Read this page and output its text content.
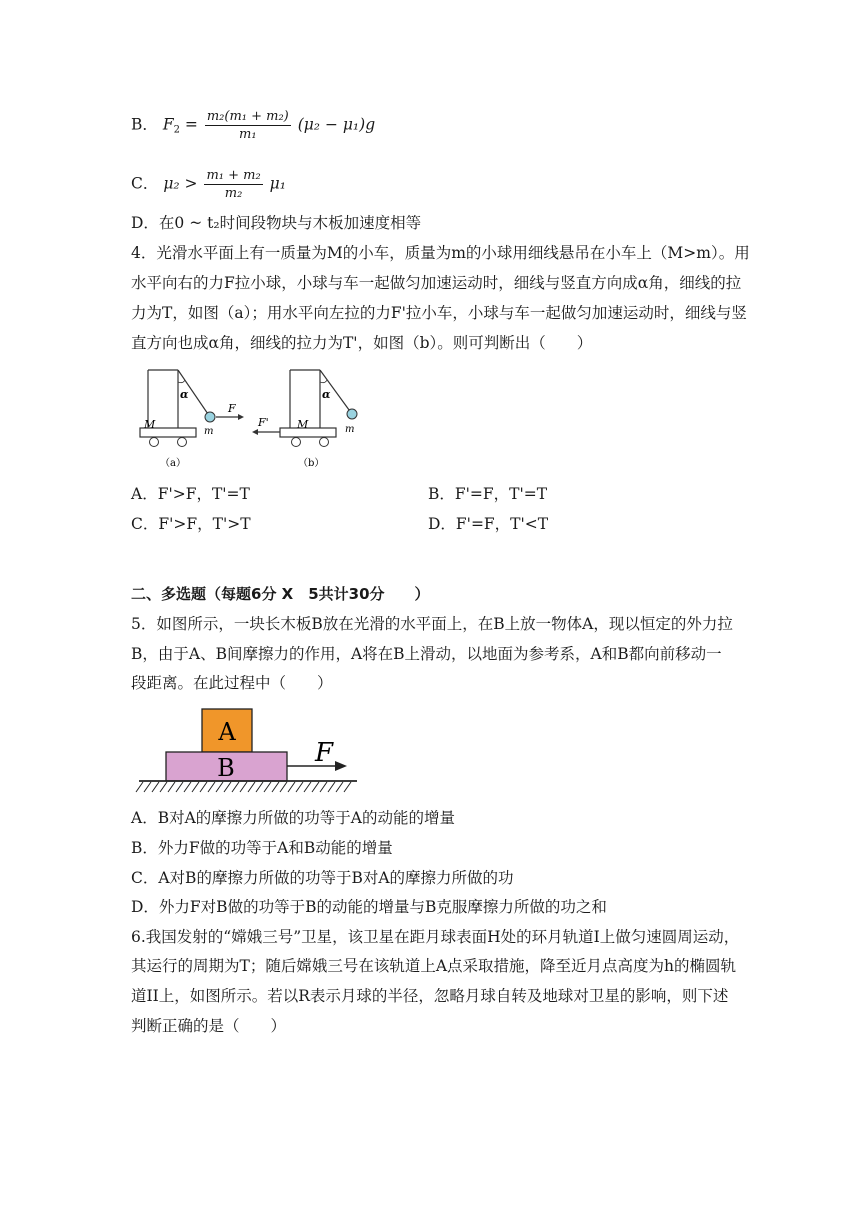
B． $F_2 = \frac{\text{m₂(m₁ + m₂)}}{\text{m₁}} (\mu_2 - \mu_1)g$
C． $\mu_2 > \frac{\text{m₁ + m₂}}{\text{m₂}} \mu_1$
D．在0 ~ t₂时间段物块与木板加速度相等
4．光滑水平面上有一质量为M的小车，质量为m的小球用细线悬吊在小车上（M>m）。用
水平向右的力F拉小球，小球与车一起做匀加速运动时，细线与竖直方向成α角，细线的拉
力为T，如图（a）；用水平向左拉的力F'拉小车，小球与车一起做匀加速运动时，细线与竖
直方向也成α角，细线的拉力为T'，如图（b）。则可判断出（　　）
α
F
m
M
（a）
α
m
M
F'
（b）
A．F'>F，T'=T	B．F'=F，T'=T
C．F'>F，T'>T	D．F'=F，T'<T
二、多选题（每题6分 X　5共计30分　　）
5．如图所示，一块长木板B放在光滑的水平面上，在B上放一物体A，现以恒定的外力拉
B，由于A、B间摩擦力的作用，A将在B上滑动，以地面为参考系，A和B都向前移动一
段距离。在此过程中（　　）
A
B	F
A．B对A的摩擦力所做的功等于A的动能的增量
B．外力F做的功等于A和B动能的增量
C．A对B的摩擦力所做的功等于B对A的摩擦力所做的功
D．外力F对B做的功等于B的动能的增量与B克服摩擦力所做的功之和
6.我国发射的“嫦娥三号”卫星，该卫星在距月球表面H处的环月轨道I上做匀速圆周运动，
其运行的周期为T；随后嫦娥三号在该轨道上A点采取措施，降至近月点高度为h的椭圆轨
道II上，如图所示。若以R表示月球的半径，忽略月球自转及地球对卫星的影响，则下述
判断正确的是（　　）
